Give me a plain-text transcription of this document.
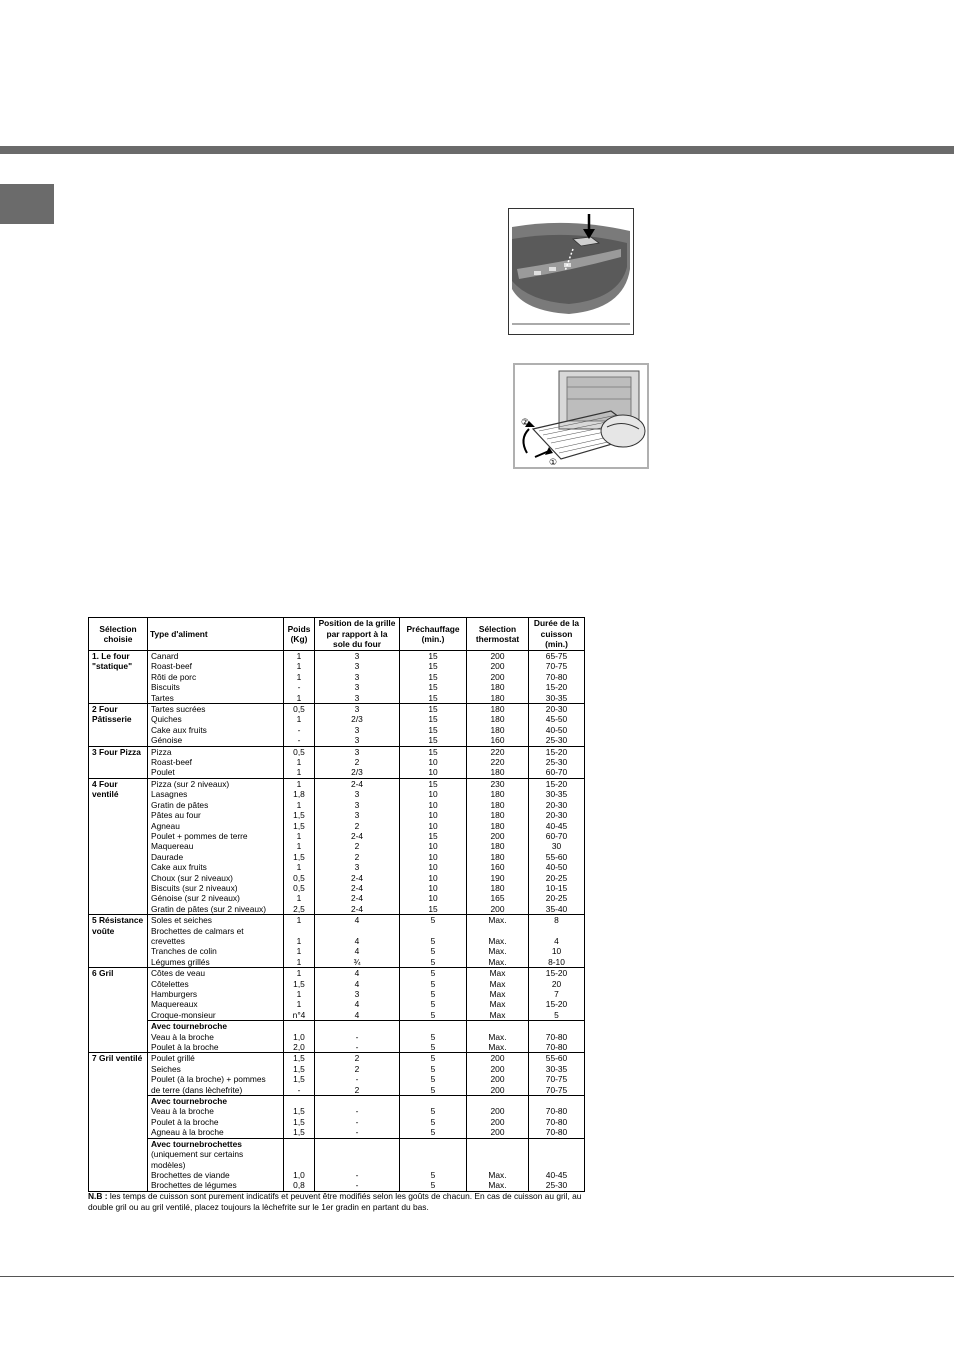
②
①
Sélection choisie	Type d'aliment	Poids (Kg)	Position de la grille par rapport à la sole du four	Préchauffage (min.)	Sélection thermostat	Durée de la cuisson (min.)
1. Le four "statique"	Canard	1	3	15	200	65-75
	Roast-beef	1	3	15	200	70-75
	Rôti de porc	1	3	15	200	70-80
	Biscuits	-	3	15	180	15-20
	Tartes	1	3	15	180	30-35
2 Four Pâtisserie	Tartes sucrées	0,5	3	15	180	20-30
	Quiches	1	2/3	15	180	45-50
	Cake aux fruits	-	3	15	180	40-50
	Génoise	-	3	15	160	25-30
3 Four Pizza	Pizza	0,5	3	15	220	15-20
	Roast-beef	1	2	10	220	25-30
	Poulet	1	2/3	10	180	60-70
4 Four ventilé	Pizza (sur 2 niveaux)	1	2-4	15	230	15-20
	Lasagnes	1,8	3	10	180	30-35
	Gratin de pâtes	1	3	10	180	20-30
	Pâtes au four	1,5	3	10	180	20-30
	Agneau	1,5	2	10	180	40-45
	Poulet + pommes de terre	1	2-4	15	200	60-70
	Maquereau	1	2	10	180	30
	Daurade	1,5	2	10	180	55-60
	Cake aux fruits	1	3	10	160	40-50
	Choux (sur 2 niveaux)	0,5	2-4	10	190	20-25
	Biscuits (sur 2 niveaux)	0,5	2-4	10	180	10-15
	Génoise (sur 2 niveaux)	1	2-4	10	165	20-25
	Gratin de pâtes (sur 2 niveaux)	2,5	2-4	15	200	35-40
5 Résistance voûte	Soles et seiches	1	4	5	Max.	8
	Brochettes de calmars et					
	crevettes	1	4	5	Max.	4
	Tranches de colin	1	4	5	Max.	10
	Légumes grillés	1	¾	5	Max.	8-10
6 Gril	Côtes de veau	1	4	5	Max	15-20
	Côtelettes	1,5	4	5	Max	20
	Hamburgers	1	3	5	Max	7
	Maquereaux	1	4	5	Max	15-20
	Croque-monsieur	n°4	4	5	Max	5
	Avec tournebroche					
	Veau à la broche	1,0	-	5	Max.	70-80
	Poulet à la broche	2,0	-	5	Max.	70-80
7 Gril ventilé	Poulet grillé	1,5	2	5	200	55-60
	Seiches	1,5	2	5	200	30-35
	Poulet (à la broche) + pommes	1,5	-	5	200	70-75
	de terre (dans lèchefrite)	-	2	5	200	70-75
	Avec tournebroche					
	Veau à la broche	1,5	-	5	200	70-80
	Poulet à la broche	1,5	-	5	200	70-80
	Agneau à la broche	1,5	-	5	200	70-80
	Avec tournebrochettes					
	(uniquement sur certains					
	modèles)					
	Brochettes de viande	1,0	-	5	Max.	40-45
	Brochettes de légumes	0,8	-	5	Max.	25-30
N.B : les temps de cuisson sont purement indicatifs et peuvent être modifiés selon les goûts de chacun. En cas de cuisson au gril, au double gril ou au gril ventilé, placez toujours la lèchefrite sur le 1er gradin en partant du bas.
